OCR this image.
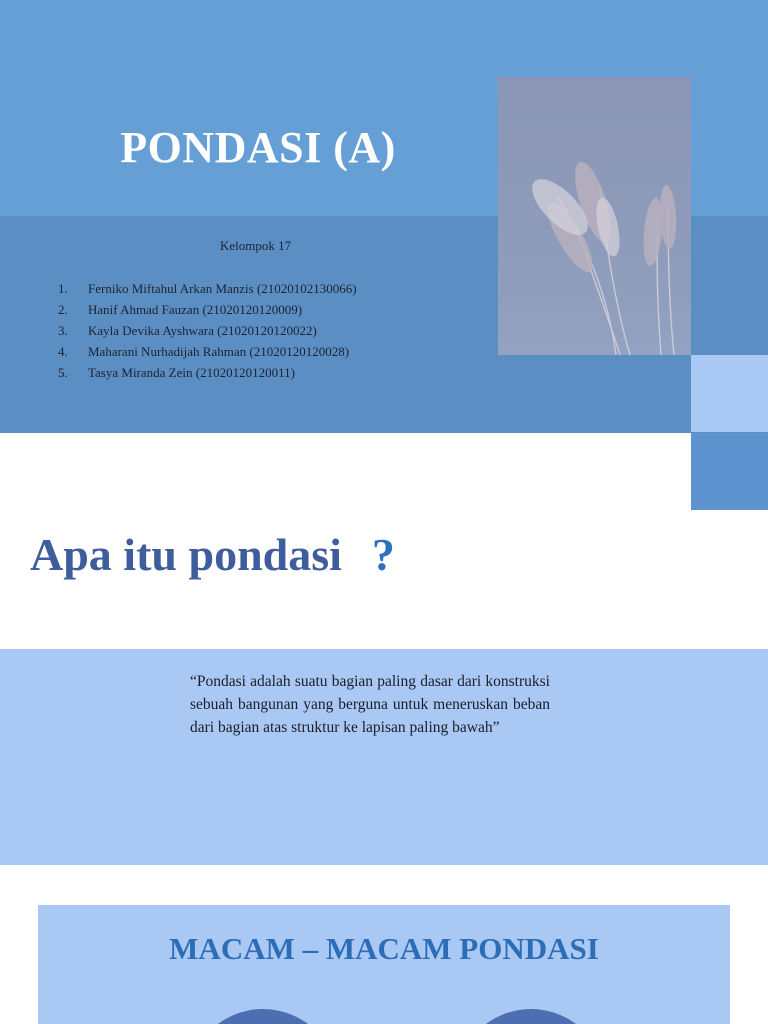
PONDASI (A)
Kelompok 17
1. Ferniko Miftahul Arkan Manzis (21020102130066)
2. Hanif Ahmad Fauzan (21020120120009)
3. Kayla Devika Ayshwara (21020120120022)
4. Maharani Nurhadijah Rahman (21020120120028)
5. Tasya Miranda Zein (21020120120011)
Apa itu pondasi ?
“Pondasi adalah suatu bagian paling dasar dari konstruksi sebuah bangunan yang berguna untuk meneruskan beban dari bagian atas struktur ke lapisan paling bawah”
MACAM – MACAM PONDASI
